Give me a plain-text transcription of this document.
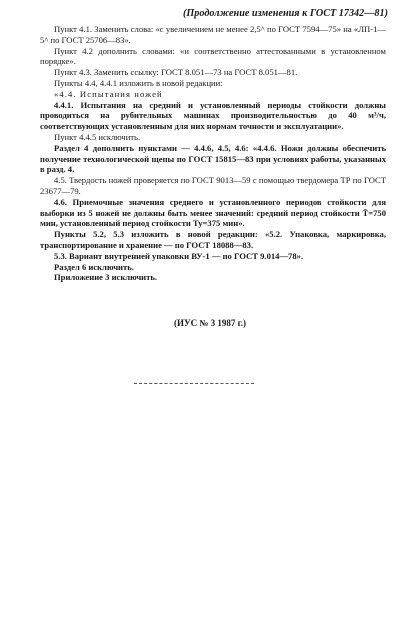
(Продолжение изменения к ГОСТ 17342—81)

Пункт 4.1. Заменить слова: «с увеличением не менее 2,5^ по ГОСТ 7594—75» на «ЛП-1—5^ по ГОСТ 25706—83».

Пункт 4.2 дополнить словами: «и соответственно аттестованными в установленном порядке».

Пункт 4.3. Заменить ссылку: ГОСТ 8.051—73 на ГОСТ 8.051—81.

Пункты 4.4, 4.4.1 изложить в новой редакции:

«4.4. Испытания ножей

4.4.1. Испытания на средний и установленный периоды стойкости должны проводиться на рубительных машинах производительностью до 40 м³/ч, соответствующих установленным для них нормам точности и эксплуатации».

Пункт 4.4.5 исключить.

Раздел 4 дополнить пунктами — 4.4.6, 4.5, 4.6: «4.4.6. Ножи должны обеспечить получение технологической щепы по ГОСТ 15815—83 при условиях работы, указанных в разд. 4.

4.5. Твердость ножей проверяется по ГОСТ 9013—59 с помощью твердомера ТР по ГОСТ 23677—79.

4.6. Приемочные значения среднего и установленного периодов стойкости для выборки из 5 ножей не должны быть менее значений: средний период стойкости T̄=750 мин, установленный период стойкости Ту=375 мин».

Пункты 5.2, 5.3 изложить в новой редакции: «5.2. Упаковка, маркировка, транспортирование и хранение — по ГОСТ 18088—83.

5.3. Вариант внутренней упаковки ВУ-1 — по ГОСТ 9.014—78».

Раздел 6 исключить.

Приложение 3 исключить.

(ИУС № 3 1987 г.)
